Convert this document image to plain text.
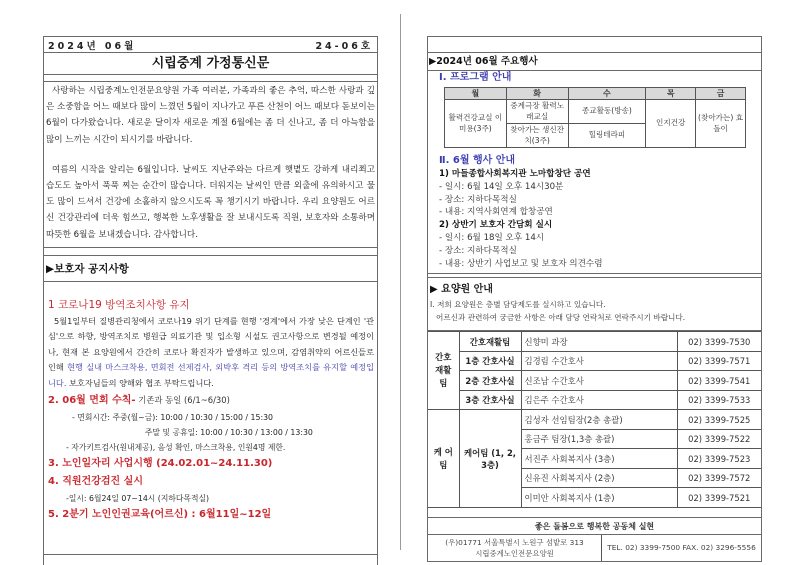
2024년 06월	24-06호
시립중계 가정통신문

사랑하는 시립중계노인전문요양원 가족 여러분, 가족과의 좋은 추억, 따스한 사랑과 깊은 소중함을 어느 때보다 많이 느꼈던 5월이 지나가고 푸른 산천이 어느 때보다 돋보이는 6월이 다가왔습니다. 새로운 달이자 새로운 계절 6월에는 좀 더 신나고, 좀 더 아늑함을 많이 느끼는 시간이 되시기를 바랍니다.

여름의 시작을 알리는 6월입니다. 날씨도 지난주와는 다르게 햇볕도 강하게 내리쬐고 습도도 높아서 푹푹 찌는 순간이 많습니다. 더워지는 날씨인 만큼 외출에 유의하시고 물도 많이 드셔서 건강에 소홀하지 않으시도록 꼭 챙기시기 바랍니다. 우리 요양원도 어르신 건강관리에 더욱 힘쓰고, 행복한 노후생활을 잘 보내시도록 직원, 보호자와 소통하며 따뜻한 6월을 보내겠습니다. 감사합니다.

▶보호자 공지사항
1 코로나19 방역조치사항 유지
5월1일부터 질병관리청에서 코로나19 위기 단계를 현행 '경계'에서 가장 낮은 단계인 '관심'으로 하향, 방역조치로 병원급 의료기관 및 입소형 시설도 권고사항으로 변경될 예정이나, 현재 본 요양원에서 간간히 코로나 확진자가 발생하고 있으며, 감염취약의 어르신들로 인해 현행 실내 마스크착용, 면회전 선제검사, 외박후 격리 등의 방역조치를 유지할 예정입니다. 보호자님들의 양해와 협조 부탁드립니다.
2. 06월 면회 수칙- 기존과 동일 (6/1~6/30)
- 면회시간: 주중(월~금): 10:00 / 10:30 / 15:00 / 15:30
주말 및 공휴일: 10:00 / 10:30 / 13:00 / 13:30
- 자가키트검사(원내제공), 음성 확인, 마스크착용, 인원4명 제한.
3. 노인일자리 사업시행 (24.02.01~24.11.30)
4. 직원건강검진 실시
-일시: 6월24일 07~14시 (지하다목적실)
5. 2분기 노인인권교육(어르신) : 6월11일~12일
▶2024년 06월 주요행사
Ⅰ. 프로그램 안내
월	화	수	목	금
활력건강교실 이미용(3주)	중계극장 활력노래교실	종교활동(방송)	인지건강	(찾아가는) 효돌이
	찾아가는 생신잔치(3주)	힐링테라피		
Ⅱ. 6월 행사 안내
1) 마들종합사회복지관 노마합창단 공연
- 일시: 6월 14일 오후 14시30분
- 장소: 지하다목적실
- 내용: 지역사회연계 합창공연
2) 상반기 보호자 간담회 실시
- 일시: 6월 18일 오후 14시
- 장소: 지하다목적실
- 내용: 상반기 사업보고 및 보호자 의견수렴
▶ 요양원 안내
Ⅰ. 저희 요양원은 층별 담당제도를 실시하고 있습니다.
어르신과 관련하여 궁금한 사항은 아래 담당 연락처로 연락주시기 바랍니다.
간호 재활 팀	간호재활팀	신향미 과장	02) 3399-7530
	1층 간호사실	김경림 수간호사	02) 3399-7571
	2층 간호사실	신조남 수간호사	02) 3399-7541
	3층 간호사실	김은주 수간호사	02) 3399-7533
케 어 팀	케어팀 (1, 2, 3층)	김성자 선임팀장(2층 총괄)	02) 3399-7525
		홍금주 팀장(1,3층 총괄)	02) 3399-7522
		서진주 사회복지사 (3층)	02) 3399-7523
		신유진 사회복지사 (2층)	02) 3399-7572
		이미안 사회복지사 (1층)	02) 3399-7521
좋은 돌봄으로 행복한 공동체 실현
(우)01771 서울특별시 노원구 섬밭로 313
시립중계노인전문요양원
TEL. 02) 3399-7500 FAX. 02) 3296-5556
